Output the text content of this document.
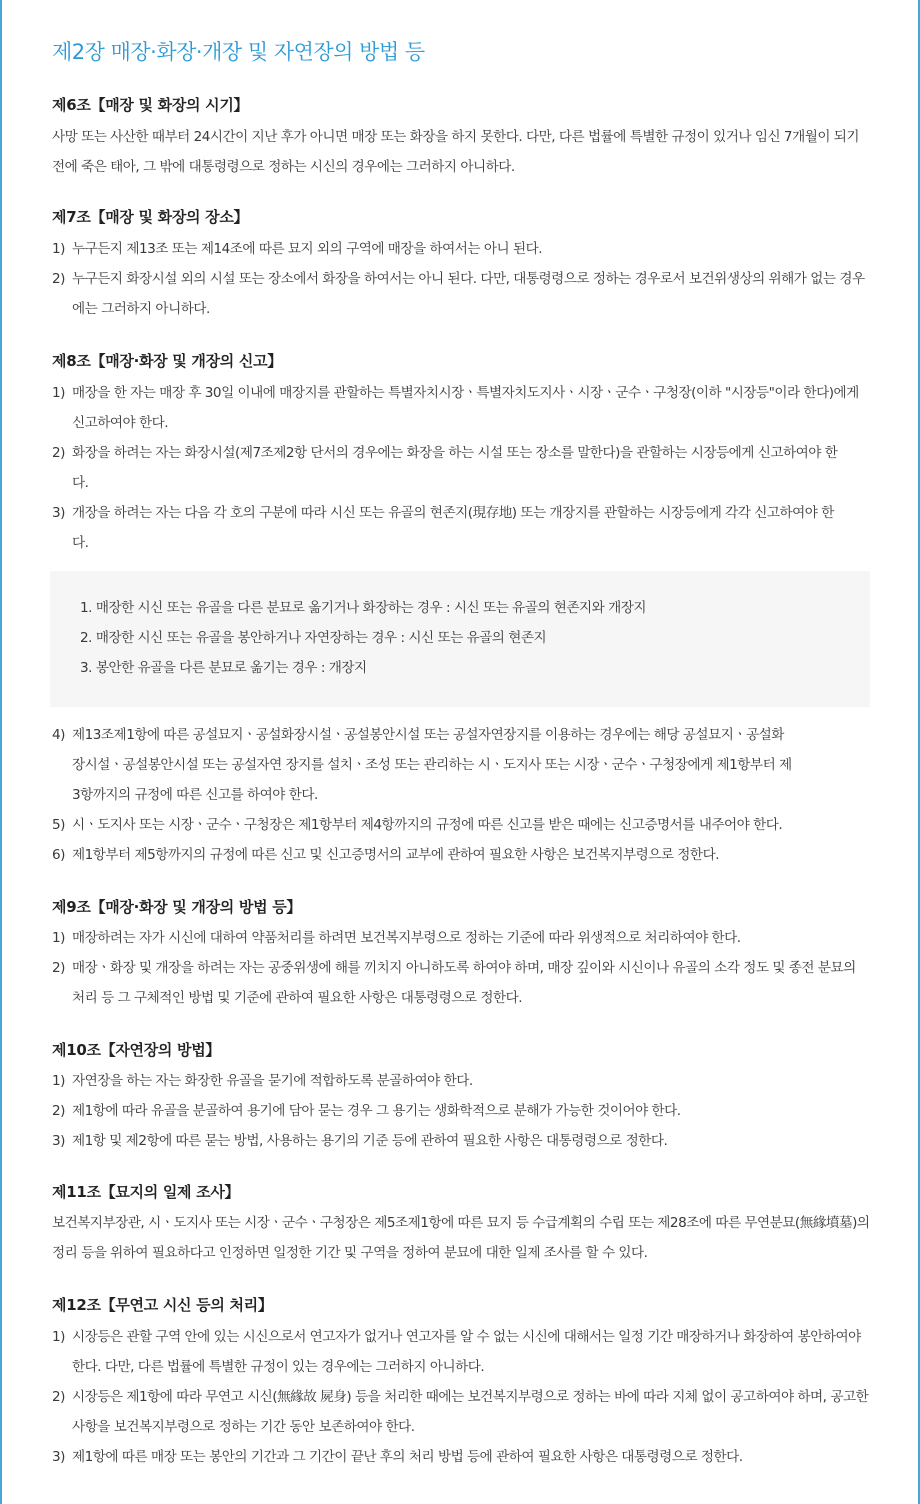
제2장 매장·화장·개장 및 자연장의 방법 등
제6조【매장 및 화장의 시기】
사망 또는 사산한 때부터 24시간이 지난 후가 아니면 매장 또는 화장을 하지 못한다. 다만, 다른 법률에 특별한 규정이 있거나 임신 7개월이 되기 전에 죽은 태아, 그 밖에 대통령령으로 정하는 시신의 경우에는 그러하지 아니하다.
제7조【매장 및 화장의 장소】
1) 누구든지 제13조 또는 제14조에 따른 묘지 외의 구역에 매장을 하여서는 아니 된다.
2) 누구든지 화장시설 외의 시설 또는 장소에서 화장을 하여서는 아니 된다. 다만, 대통령령으로 정하는 경우로서 보건위생상의 위해가 없는 경우에는 그러하지 아니하다.
제8조【매장·화장 및 개장의 신고】
1) 매장을 한 자는 매장 후 30일 이내에 매장지를 관할하는 특별자치시장ㆍ특별자치도지사ㆍ시장ㆍ군수ㆍ구청장(이하 "시장등"이라 한다)에게 신고하여야 한다.
2) 화장을 하려는 자는 화장시설(제7조제2항 단서의 경우에는 화장을 하는 시설 또는 장소를 말한다)을 관할하는 시장등에게 신고하여야 한다.
3) 개장을 하려는 자는 다음 각 호의 구분에 따라 시신 또는 유골의 현존지(現存地) 또는 개장지를 관할하는 시장등에게 각각 신고하여야 한다.
1. 매장한 시신 또는 유골을 다른 분묘로 옮기거나 화장하는 경우 : 시신 또는 유골의 현존지와 개장지
2. 매장한 시신 또는 유골을 봉안하거나 자연장하는 경우 : 시신 또는 유골의 현존지
3. 봉안한 유골을 다른 분묘로 옮기는 경우 : 개장지
4) 제13조제1항에 따른 공설묘지ㆍ공설화장시설ㆍ공설봉안시설 또는 공설자연장지를 이용하는 경우에는 해당 공설묘지ㆍ공설화장시설ㆍ공설봉안시설 또는 공설자연 장지를 설치ㆍ조성 또는 관리하는 시ㆍ도지사 또는 시장ㆍ군수ㆍ구청장에게 제1항부터 제3항까지의 규정에 따른 신고를 하여야 한다.
5) 시ㆍ도지사 또는 시장ㆍ군수ㆍ구청장은 제1항부터 제4항까지의 규정에 따른 신고를 받은 때에는 신고증명서를 내주어야 한다.
6) 제1항부터 제5항까지의 규정에 따른 신고 및 신고증명서의 교부에 관하여 필요한 사항은 보건복지부령으로 정한다.
제9조【매장·화장 및 개장의 방법 등】
1) 매장하려는 자가 시신에 대하여 약품처리를 하려면 보건복지부령으로 정하는 기준에 따라 위생적으로 처리하여야 한다.
2) 매장ㆍ화장 및 개장을 하려는 자는 공중위생에 해를 끼치지 아니하도록 하여야 하며, 매장 깊이와 시신이나 유골의 소각 정도 및 종전 분묘의 처리 등 그 구체적인 방법 및 기준에 관하여 필요한 사항은 대통령령으로 정한다.
제10조【자연장의 방법】
1) 자연장을 하는 자는 화장한 유골을 묻기에 적합하도록 분골하여야 한다.
2) 제1항에 따라 유골을 분골하여 용기에 담아 묻는 경우 그 용기는 생화학적으로 분해가 가능한 것이어야 한다.
3) 제1항 및 제2항에 따른 묻는 방법, 사용하는 용기의 기준 등에 관하여 필요한 사항은 대통령령으로 정한다.
제11조【묘지의 일제 조사】
보건복지부장관, 시ㆍ도지사 또는 시장ㆍ군수ㆍ구청장은 제5조제1항에 따른 묘지 등 수급계획의 수립 또는 제28조에 따른 무연분묘(無緣墳墓)의 정리 등을 위하여 필요하다고 인정하면 일정한 기간 및 구역을 정하여 분묘에 대한 일제 조사를 할 수 있다.
제12조【무연고 시신 등의 처리】
1) 시장등은 관할 구역 안에 있는 시신으로서 연고자가 없거나 연고자를 알 수 없는 시신에 대해서는 일정 기간 매장하거나 화장하여 봉안하여야 한다. 다만, 다른 법률에 특별한 규정이 있는 경우에는 그러하지 아니하다.
2) 시장등은 제1항에 따라 무연고 시신(無緣故 屍身) 등을 처리한 때에는 보건복지부령으로 정하는 바에 따라 지체 없이 공고하여야 하며, 공고한 사항을 보건복지부령으로 정하는 기간 동안 보존하여야 한다.
3) 제1항에 따른 매장 또는 봉안의 기간과 그 기간이 끝난 후의 처리 방법 등에 관하여 필요한 사항은 대통령령으로 정한다.
